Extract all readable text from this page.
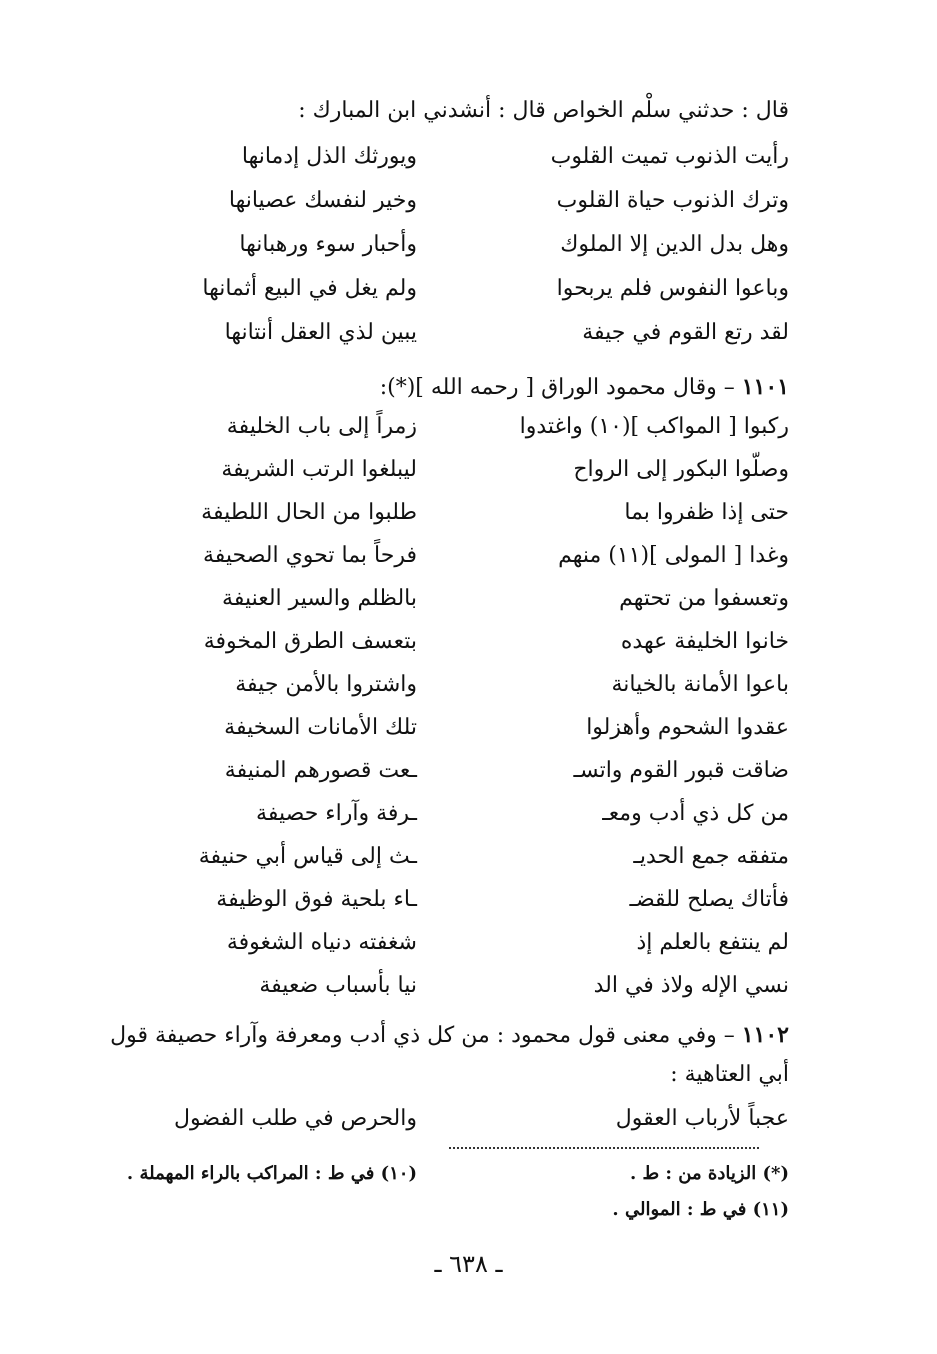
قال : حدثني سلْم الخواص قال : أنشدني ابن المبارك :
رأيت الذنوب تميت القلوب
ويورثك الذل إدمانها
وترك الذنوب حياة القلوب
وخير لنفسك عصيانها
وهل بدل الدين إلا الملوك
وأحبار سوء ورهبانها
وباعوا النفوس فلم يربحوا
ولم يغل في البيع أثمانها
لقد رتع القوم في جيفة
يبين لذي العقل أنتانها
١١٠١ – وقال محمود الوراق [ رحمه الله ](*):
ركبوا [ المواكب ](١٠) واغتدوا
زمراً إلى باب الخليفة
وصلّوا البكور إلى الرواح
ليبلغوا الرتب الشريفة
حتى إذا ظفروا بما
طلبوا من الحال اللطيفة
وغدا [ المولى ](١١) منهم
فرحاً بما تحوي الصحيفة
وتعسفوا من تحتهم
بالظلم والسير العنيفة
خانوا الخليفة عهده
بتعسف الطرق المخوفة
باعوا الأمانة بالخيانة
واشتروا بالأمن جيفة
عقدوا الشحوم وأهزلوا
تلك الأمانات السخيفة
ضاقت قبور القوم واتسـ
ـعت قصورهم المنيفة
من كل ذي أدب ومعـ
ـرفة وآراء حصيفة
متفقه جمع الحديـ
ـث إلى قياس أبي حنيفة
فأتاك يصلح للقضـ
ـاء بلحية فوق الوظيفة
لم ينتفع بالعلم إذ
شغفته دنياه الشغوفة
نسي الإله ولاذ في الد
نيا بأسباب ضعيفة
١١٠٢ – وفي معنى قول محمود : من كل ذي أدب ومعرفة وآراء حصيفة قول
أبي العتاهية :
عجباً لأرباب العقول
والحرص في طلب الفضول
(*) الزيادة من : ط .
(١٠) في ط : المراكب بالراء المهملة .
(١١) في ط : الموالي .
ـ ٦٣٨ ـ
